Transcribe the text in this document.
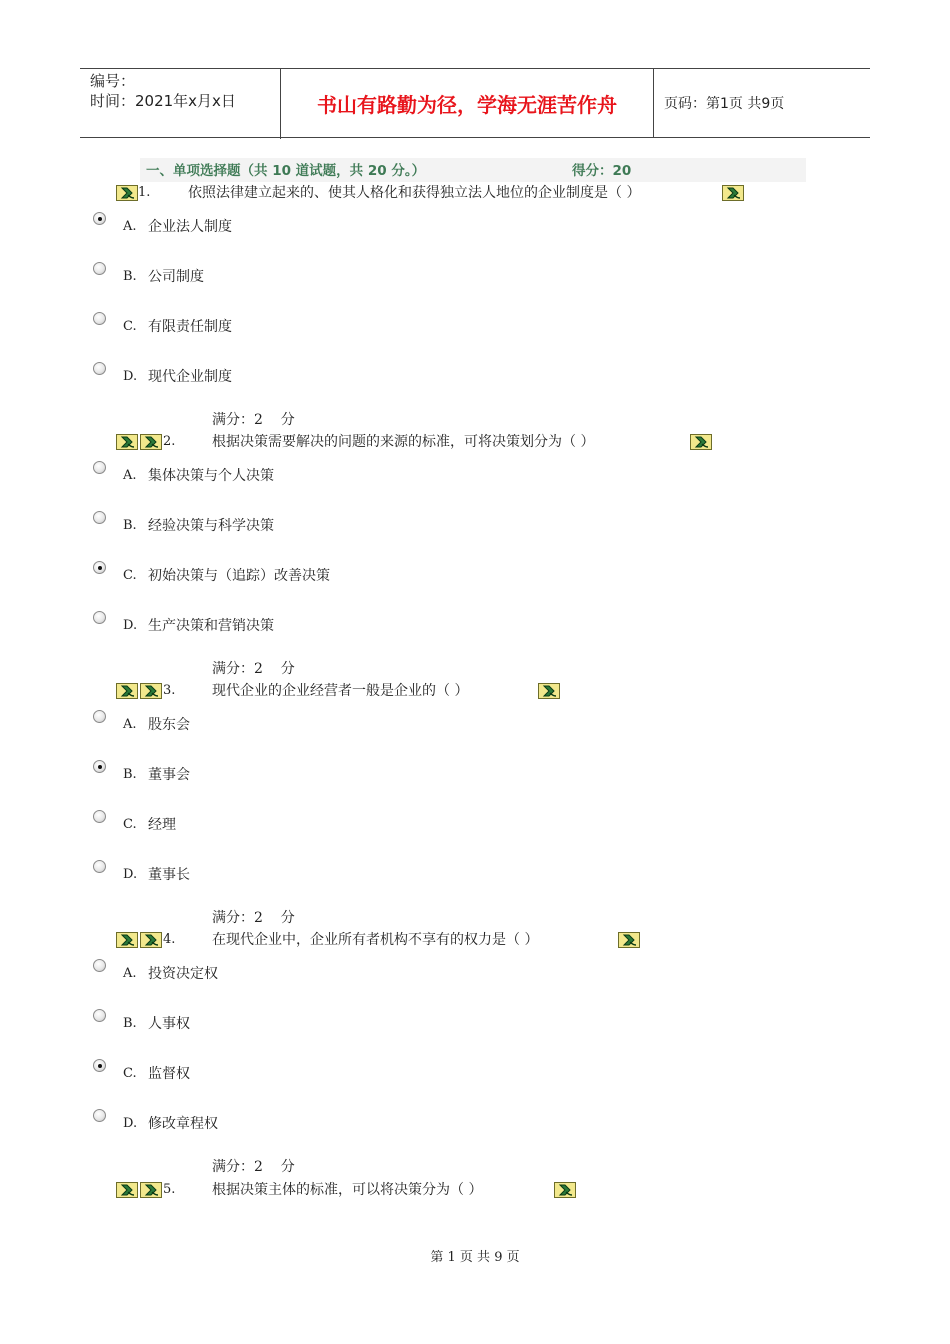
编号：
时间：2021年x月x日	书山有路勤为径，学海无涯苦作舟	页码：第1页 共9页
一、单项选择题（共 10 道试题，共 20 分。）	得分：20
1.	依照法律建立起来的、使其人格化和获得独立法人地位的企业制度是（ ）
A. 企业法人制度
B. 公司制度
C. 有限责任制度
D. 现代企业制度
满分：2    分
2.	根据决策需要解决的问题的来源的标准，可将决策划分为（ ）
A. 集体决策与个人决策
B. 经验决策与科学决策
C. 初始决策与（追踪）改善决策
D. 生产决策和营销决策
满分：2    分
3.	现代企业的企业经营者一般是企业的（ ）
A. 股东会
B. 董事会
C. 经理
D. 董事长
满分：2    分
4.	在现代企业中，企业所有者机构不享有的权力是（ ）
A. 投资决定权
B. 人事权
C. 监督权
D. 修改章程权
满分：2    分
5.	根据决策主体的标准，可以将决策分为（ ）
第 1 页 共 9 页
